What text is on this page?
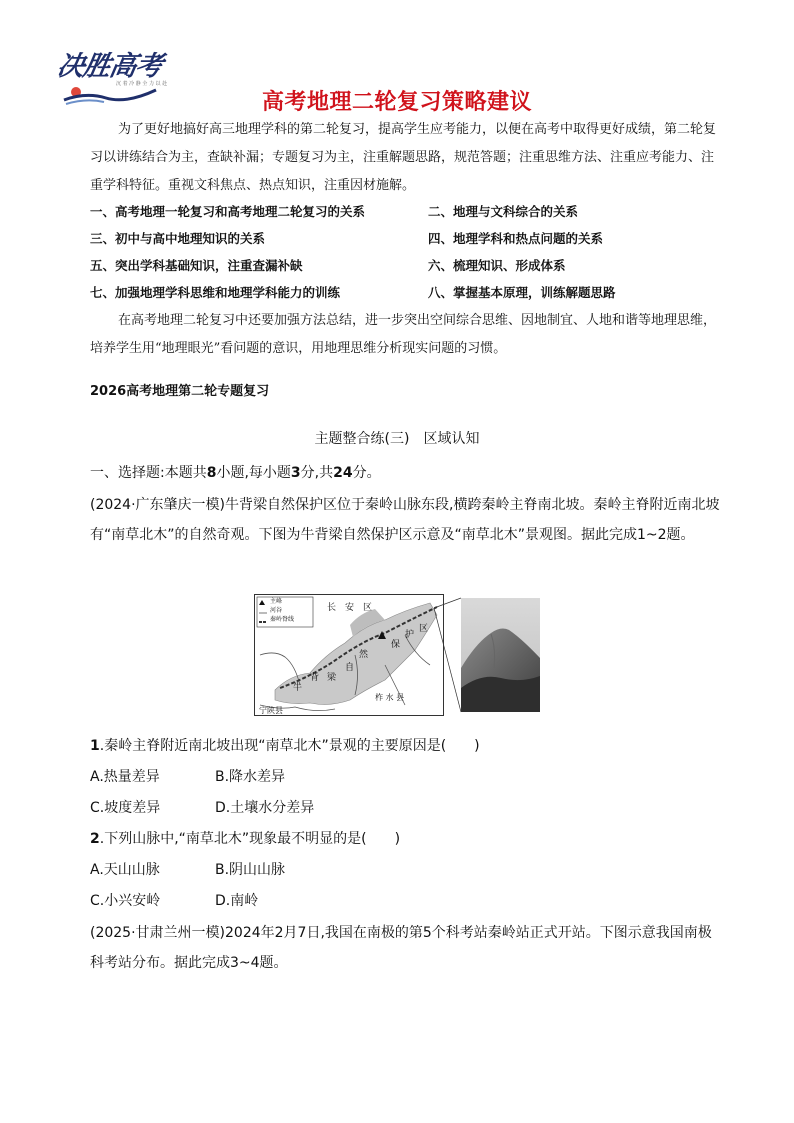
决胜高考
沉 着 冷 静 全 力 以 赴
高考地理二轮复习策略建议
为了更好地搞好高三地理学科的第二轮复习，提高学生应考能力，以便在高考中取得更好成绩，第二轮复习以讲练结合为主，查缺补漏；专题复习为主，注重解题思路，规范答题；注重思维方法、注重应考能力、注重学科特征。重视文科焦点、热点知识，注重因材施解。
一、高考地理一轮复习和高考地理二轮复习的关系	二、地理与文科综合的关系
三、初中与高中地理知识的关系	四、地理学科和热点问题的关系
五、突出学科基础知识，注重查漏补缺	六、梳理知识、形成体系
七、加强地理学科思维和地理学科能力的训练	八、掌握基本原理，训练解题思路
在高考地理二轮复习中还要加强方法总结，进一步突出空间综合思维、因地制宜、人地和谐等地理思维，培养学生用“地理眼光”看问题的意识，用地理思维分析现实问题的习惯。
2026高考地理第二轮专题复习
主题整合练(三)　区域认知
一、选择题:本题共8小题,每小题3分,共24分。
(2024·广东肇庆一模)牛背梁自然保护区位于秦岭山脉东段,横跨秦岭主脊南北坡。秦岭主脊附近南北坡有“南草北木”的自然奇观。下图为牛背梁自然保护区示意及“南草北木”景观图。据此完成1~2题。
主峰
河谷
秦岭脊线
长　安　区
宁陕县
柞 水 县
牛
背 梁
自
然
保
护
区
1.秦岭主脊附近南北坡出现“南草北木”景观的主要原因是(　　)
A.热量差异	B.降水差异
C.坡度差异	D.土壤水分差异
2.下列山脉中,“南草北木”现象最不明显的是(　　)
A.天山山脉	B.阴山山脉
C.小兴安岭	D.南岭
(2025·甘肃兰州一模)2024年2月7日,我国在南极的第5个科考站秦岭站正式开站。下图示意我国南极科考站分布。据此完成3~4题。
